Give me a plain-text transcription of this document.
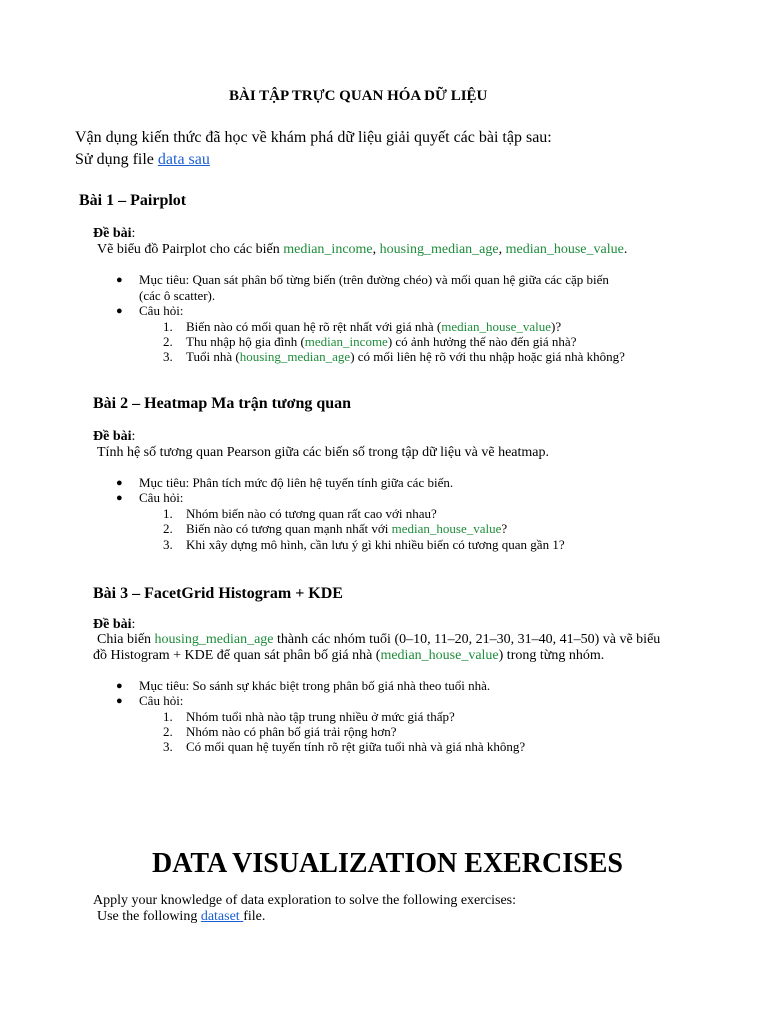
BÀI TẬP TRỰC QUAN HÓA DỮ LIỆU
Vận dụng kiến thức đã học về khám phá dữ liệu giải quyết các bài tập sau:
Sử dụng file data sau
Bài 1 – Pairplot
Đề bài:
Vẽ biểu đồ Pairplot cho các biến median_income, housing_median_age, median_house_value.
● Mục tiêu: Quan sát phân bố từng biến (trên đường chéo) và mối quan hệ giữa các cặp biến
(các ô scatter).
● Câu hỏi:
1. Biến nào có mối quan hệ rõ rệt nhất với giá nhà (median_house_value)?
2. Thu nhập hộ gia đình (median_income) có ảnh hưởng thế nào đến giá nhà?
3. Tuổi nhà (housing_median_age) có mối liên hệ rõ với thu nhập hoặc giá nhà không?
Bài 2 – Heatmap Ma trận tương quan
Đề bài:
Tính hệ số tương quan Pearson giữa các biến số trong tập dữ liệu và vẽ heatmap.
● Mục tiêu: Phân tích mức độ liên hệ tuyến tính giữa các biến.
● Câu hỏi:
1. Nhóm biến nào có tương quan rất cao với nhau?
2. Biến nào có tương quan mạnh nhất với median_house_value?
3. Khi xây dựng mô hình, cần lưu ý gì khi nhiều biến có tương quan gần 1?
Bài 3 – FacetGrid Histogram + KDE
Đề bài:
Chia biến housing_median_age thành các nhóm tuổi (0–10, 11–20, 21–30, 31–40, 41–50) và vẽ biểu
đồ Histogram + KDE để quan sát phân bố giá nhà (median_house_value) trong từng nhóm.
● Mục tiêu: So sánh sự khác biệt trong phân bố giá nhà theo tuổi nhà.
● Câu hỏi:
1. Nhóm tuổi nhà nào tập trung nhiều ở mức giá thấp?
2. Nhóm nào có phân bố giá trải rộng hơn?
3. Có mối quan hệ tuyến tính rõ rệt giữa tuổi nhà và giá nhà không?
DATA VISUALIZATION EXERCISES
Apply your knowledge of data exploration to solve the following exercises:
Use the following dataset file.
